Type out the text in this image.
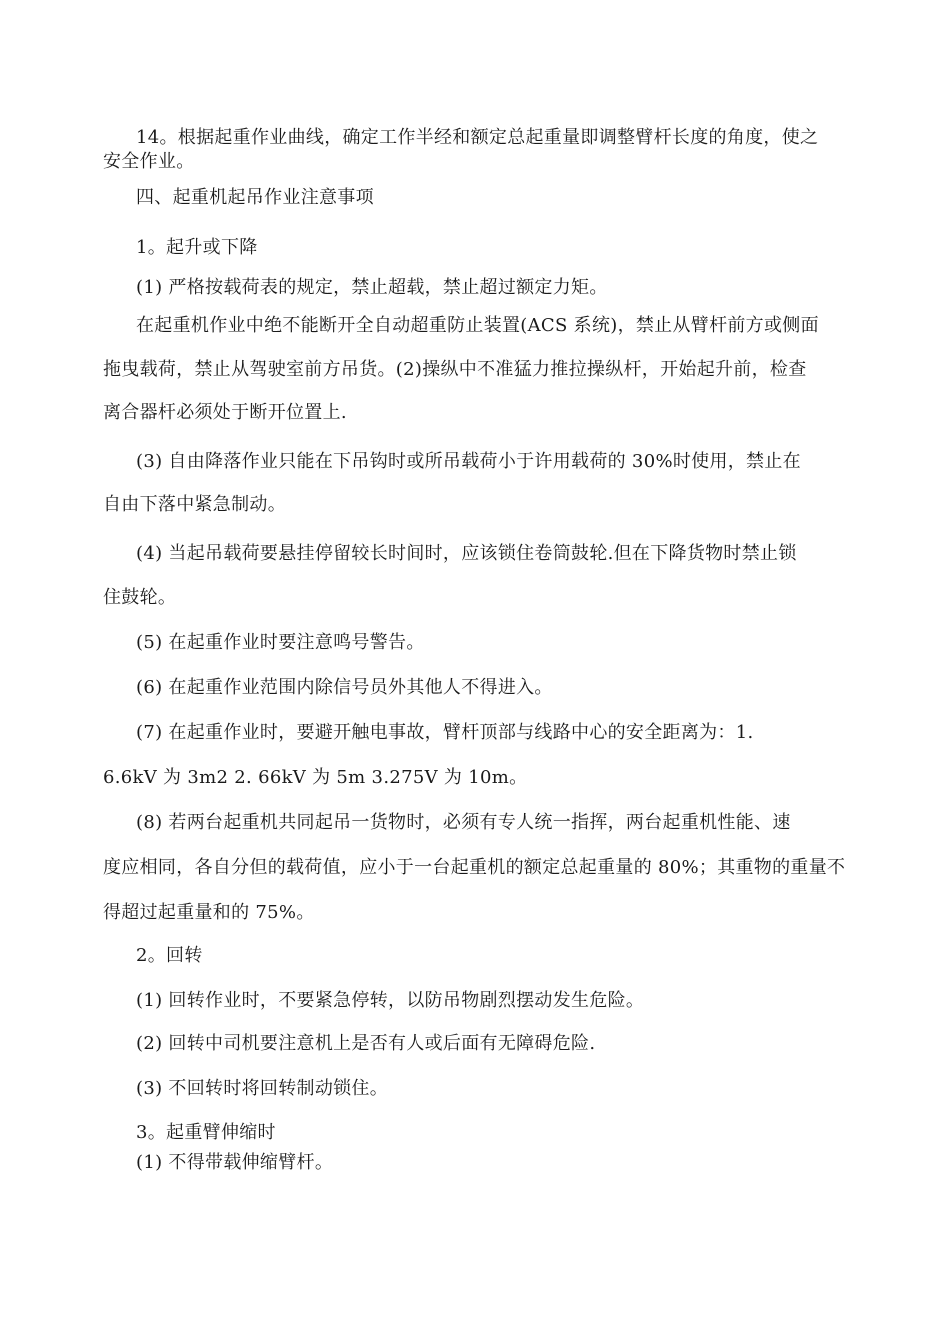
14。根据起重作业曲线，确定工作半经和额定总起重量即调整臂杆长度的角度，使之
安全作业。
四、起重机起吊作业注意事项
1。起升或下降
(1) 严格按载荷表的规定，禁止超载，禁止超过额定力矩。
在起重机作业中绝不能断开全自动超重防止装置(ACS 系统)，禁止从臂杆前方或侧面
拖曳载荷，禁止从驾驶室前方吊货。(2)操纵中不准猛力推拉操纵杆，开始起升前，检查
离合器杆必须处于断开位置上.
(3) 自由降落作业只能在下吊钩时或所吊载荷小于许用载荷的 30%时使用，禁止在
自由下落中紧急制动。
(4) 当起吊载荷要悬挂停留较长时间时，应该锁住卷筒鼓轮.但在下降货物时禁止锁
住鼓轮。
(5) 在起重作业时要注意鸣号警告。
(6) 在起重作业范围内除信号员外其他人不得进入。
(7) 在起重作业时，要避开触电事故，臂杆顶部与线路中心的安全距离为：1.
6.6kV 为 3m2 2. 66kV 为 5m 3.275V 为 10m。
(8) 若两台起重机共同起吊一货物时，必须有专人统一指挥，两台起重机性能、速
度应相同，各自分但的载荷值，应小于一台起重机的额定总起重量的 80%；其重物的重量不
得超过起重量和的 75%。
2。回转
(1) 回转作业时，不要紧急停转，以防吊物剧烈摆动发生危险。
(2) 回转中司机要注意机上是否有人或后面有无障碍危险.
(3) 不回转时将回转制动锁住。
3。起重臂伸缩时
(1) 不得带载伸缩臂杆。
